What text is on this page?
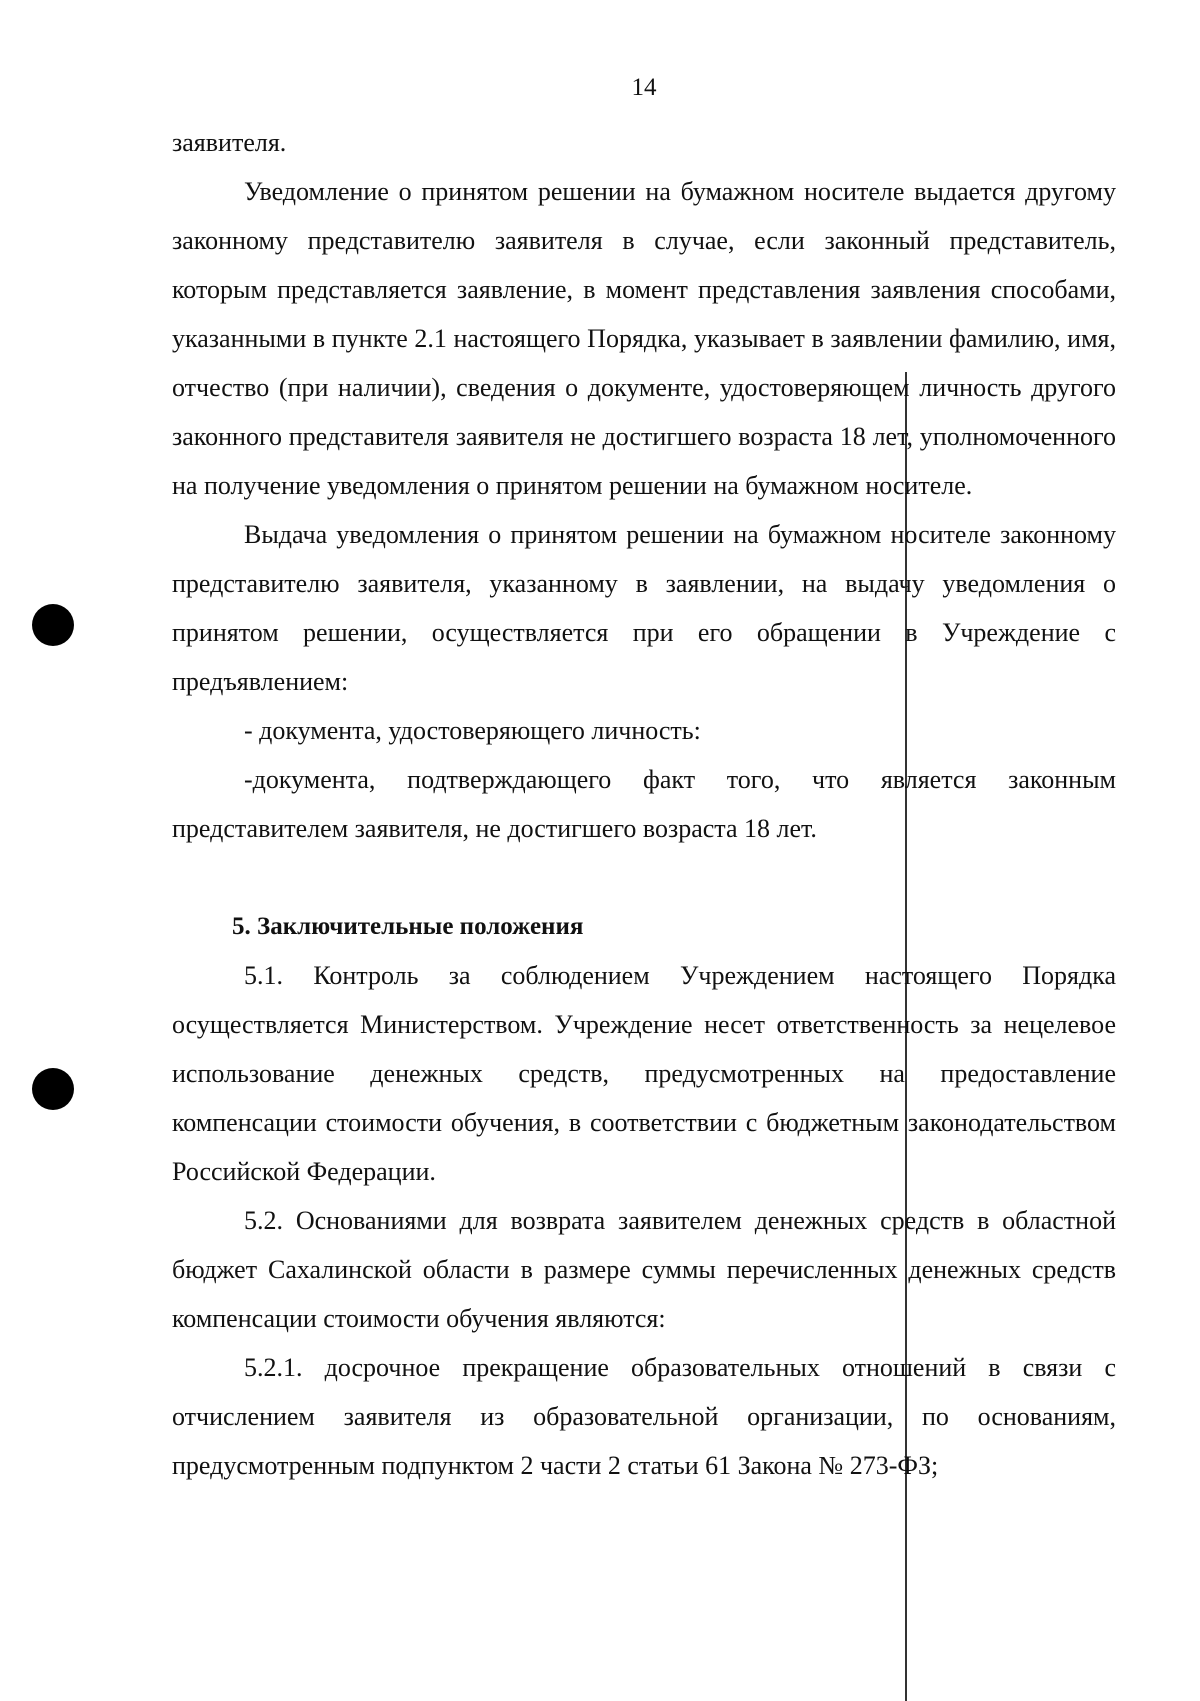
14

заявителя.

Уведомление о принятом решении на бумажном носителе выдается другому законному представителю заявителя в случае, если законный представитель, которым представляется заявление, в момент представления заявления способами, указанными в пункте 2.1 настоящего Порядка, указывает в заявлении фамилию, имя, отчество (при наличии), сведения о документе, удостоверяющем личность другого законного представителя заявителя не достигшего возраста 18 лет, уполномоченного на получение уведомления о принятом решении на бумажном носителе.

Выдача уведомления о принятом решении на бумажном носителе законному представителю заявителя, указанному в заявлении, на выдачу уведомления о принятом решении, осуществляется при его обращении в Учреждение с предъявлением:

- документа, удостоверяющего личность:

-документа, подтверждающего факт того, что является законным представителем заявителя, не достигшего возраста 18 лет.

5. Заключительные положения

5.1. Контроль за соблюдением Учреждением настоящего Порядка осуществляется Министерством. Учреждение несет ответственность за нецелевое использование денежных средств, предусмотренных на предоставление компенсации стоимости обучения, в соответствии с бюджетным законодательством Российской Федерации.

5.2. Основаниями для возврата заявителем денежных средств в областной бюджет Сахалинской области в размере суммы перечисленных денежных средств компенсации стоимости обучения являются:

5.2.1. досрочное прекращение образовательных отношений в связи с отчислением заявителя из образовательной организации, по основаниям, предусмотренным подпунктом 2 части 2 статьи 61 Закона № 273-ФЗ;
